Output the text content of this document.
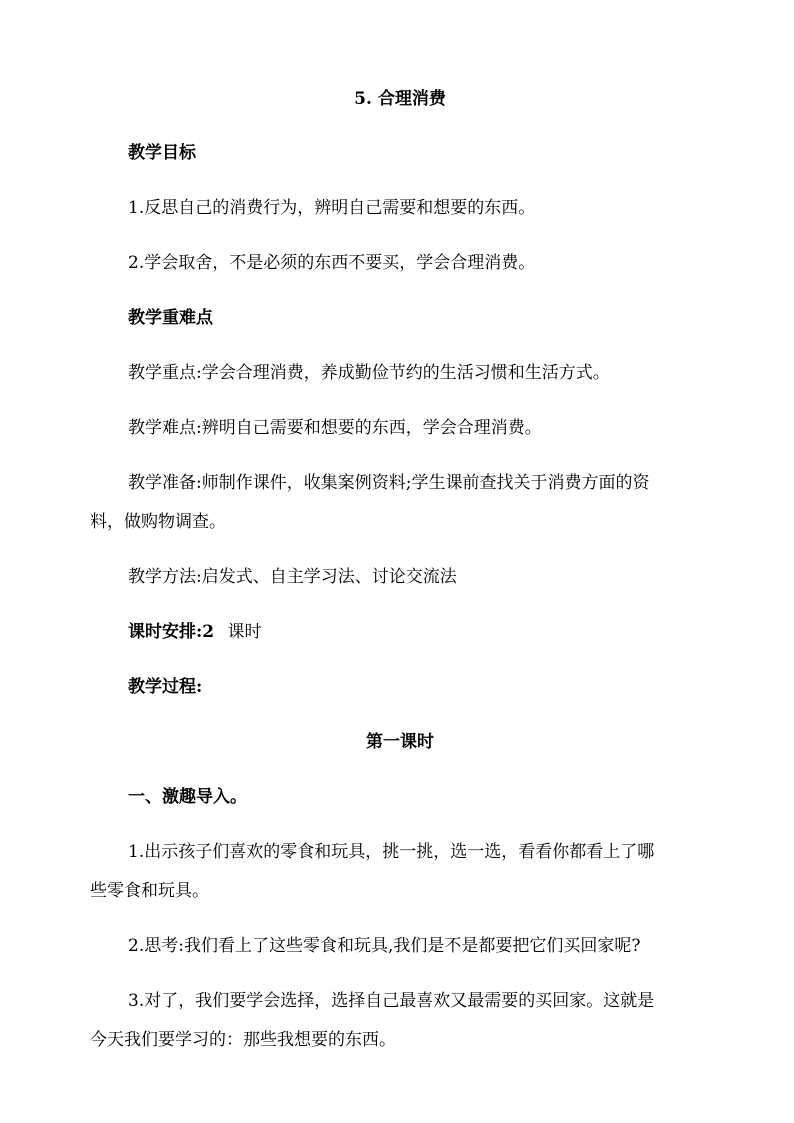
5. 合理消费
教学目标
1.反思自己的消费行为，辨明自己需要和想要的东西。
2.学会取舍，不是必须的东西不要买，学会合理消费。
教学重难点
教学重点:学会合理消费，养成勤俭节约的生活习惯和生活方式。
教学难点:辨明自己需要和想要的东西，学会合理消费。
教学准备:师制作课件，收集案例资料;学生课前查找关于消费方面的资
料，做购物调查。
教学方法:启发式、自主学习法、讨论交流法
课时安排:2 课时
教学过程:
第一课时
一、激趣导入。
1.出示孩子们喜欢的零食和玩具，挑一挑，选一选，看看你都看上了哪
些零食和玩具。
2.思考:我们看上了这些零食和玩具,我们是不是都要把它们买回家呢?
3.对了，我们要学会选择，选择自己最喜欢又最需要的买回家。这就是
今天我们要学习的：那些我想要的东西。
